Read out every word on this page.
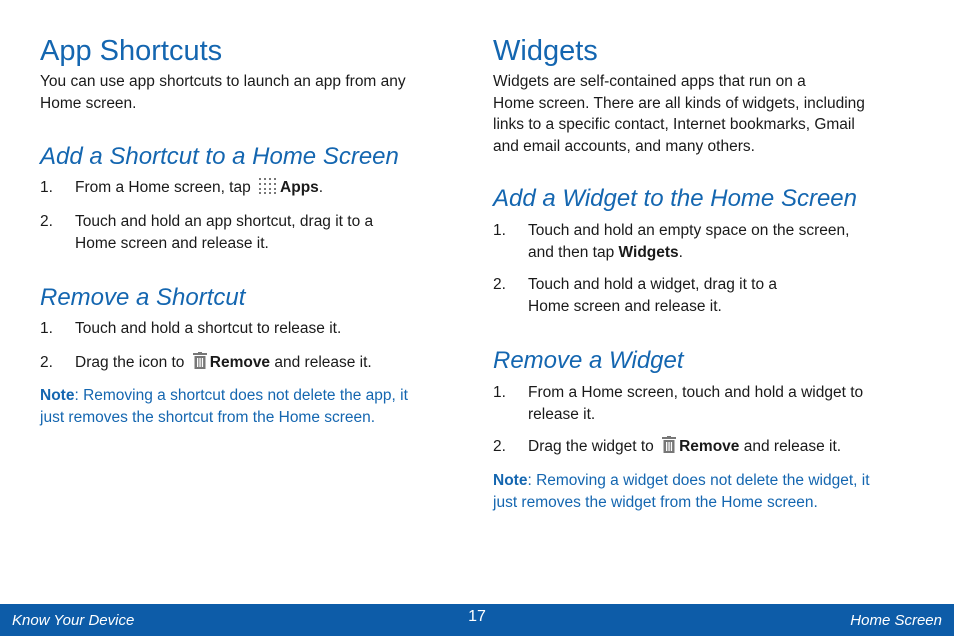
App Shortcuts

You can use app shortcuts to launch an app from any
Home screen.

Add a Shortcut to a Home Screen
1. From a Home screen, tap Apps.
2. Touch and hold an app shortcut, drag it to a
Home screen and release it.
Remove a Shortcut
1. Touch and hold a shortcut to release it.
2. Drag the icon to Remove and release it.
Note: Removing a shortcut does not delete the app, it
just removes the shortcut from the Home screen.
Widgets

Widgets are self-contained apps that run on a
Home screen. There are all kinds of widgets, including
links to a specific contact, Internet bookmarks, Gmail
and email accounts, and many others.

Add a Widget to the Home Screen
1. Touch and hold an empty space on the screen,
and then tap Widgets.
2. Touch and hold a widget, drag it to a
Home screen and release it.
Remove a Widget
1. From a Home screen, touch and hold a widget to
release it.
2. Drag the widget to Remove and release it.
Note: Removing a widget does not delete the widget, it
just removes the widget from the Home screen.
Know Your Device	17	Home Screen
